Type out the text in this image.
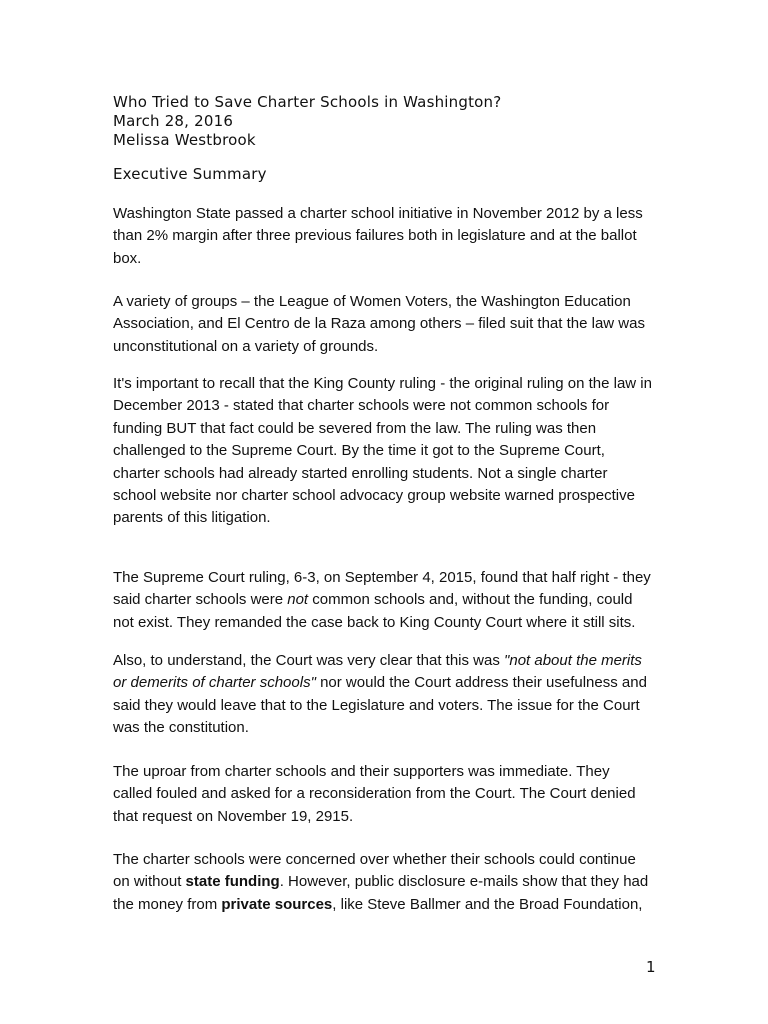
Who Tried to Save Charter Schools in Washington?
March 28, 2016
Melissa Westbrook
Executive Summary

Washington State passed a charter school initiative in November 2012 by a less
than 2% margin after three previous failures both in legislature and at the ballot
box.

A variety of groups – the League of Women Voters, the Washington Education
Association, and El Centro de la Raza among others – filed suit that the law was
unconstitutional on a variety of grounds.

It's important to recall that the King County ruling - the original ruling on the law in
December 2013 - stated that charter schools were not common schools for
funding BUT that fact could be severed from the law. The ruling was then
challenged to the Supreme Court. By the time it got to the Supreme Court,
charter schools had already started enrolling students. Not a single charter
school website nor charter school advocacy group website warned prospective
parents of this litigation.

The Supreme Court ruling, 6-3, on September 4, 2015, found that half right - they
said charter schools were not common schools and, without the funding, could
not exist. They remanded the case back to King County Court where it still sits.

Also, to understand, the Court was very clear that this was "not about the merits
or demerits of charter schools" nor would the Court address their usefulness and
said they would leave that to the Legislature and voters. The issue for the Court
was the constitution.

The uproar from charter schools and their supporters was immediate. They
called fouled and asked for a reconsideration from the Court. The Court denied
that request on November 19, 2915.

The charter schools were concerned over whether their schools could continue
on without state funding. However, public disclosure e-mails show that they had
the money from private sources, like Steve Ballmer and the Broad Foundation,

1
